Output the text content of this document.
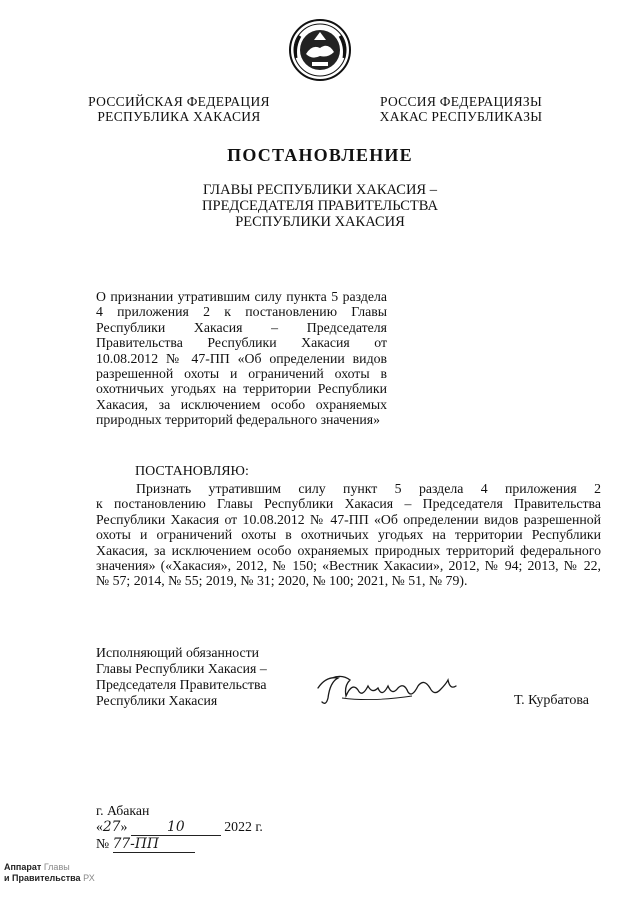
РОССИЙСКАЯ ФЕДЕРАЦИЯ
РЕСПУБЛИКА ХАКАСИЯ
РОССИЯ ФЕДЕРАЦИЯЗЫ
ХАКАС РЕСПУБЛИКАЗЫ
ПОСТАНОВЛЕНИЕ
ГЛАВЫ РЕСПУБЛИКИ ХАКАСИЯ –
ПРЕДСЕДАТЕЛЯ ПРАВИТЕЛЬСТВА
РЕСПУБЛИКИ ХАКАСИЯ
О признании утратившим силу пункта 5 раздела
4 приложения 2 к постановлению Главы
Республики Хакасия – Председателя
Правительства Республики Хакасия от
10.08.2012 № 47-ПП «Об определении видов
разрешенной охоты и ограничений охоты в
охотничьих угодьях на территории Республики
Хакасия, за исключением особо охраняемых
природных территорий федерального значения»
ПОСТАНОВЛЯЮ:
Признать утратившим силу пункт 5 раздела 4 приложения 2
к постановлению Главы Республики Хакасия – Председателя Правительства
Республики Хакасия от 10.08.2012 № 47-ПП «Об определении видов разрешенной
охоты и ограничений охоты в охотничьих угодьях на территории Республики
Хакасия, за исключением особо охраняемых природных территорий федерального
значения» («Хакасия», 2012, № 150; «Вестник Хакасии», 2012, № 94; 2013, № 22,
№ 57; 2014, № 55; 2019, № 31; 2020, № 100; 2021, № 51, № 79).
Исполняющий обязанности
Главы Республики Хакасия –
Председателя Правительства
Республики Хакасия	Т. Курбатова
г. Абакан
«27»	10	2022 г.
№ 77-ПП
Аппарат Главы
и Правительства РХ
